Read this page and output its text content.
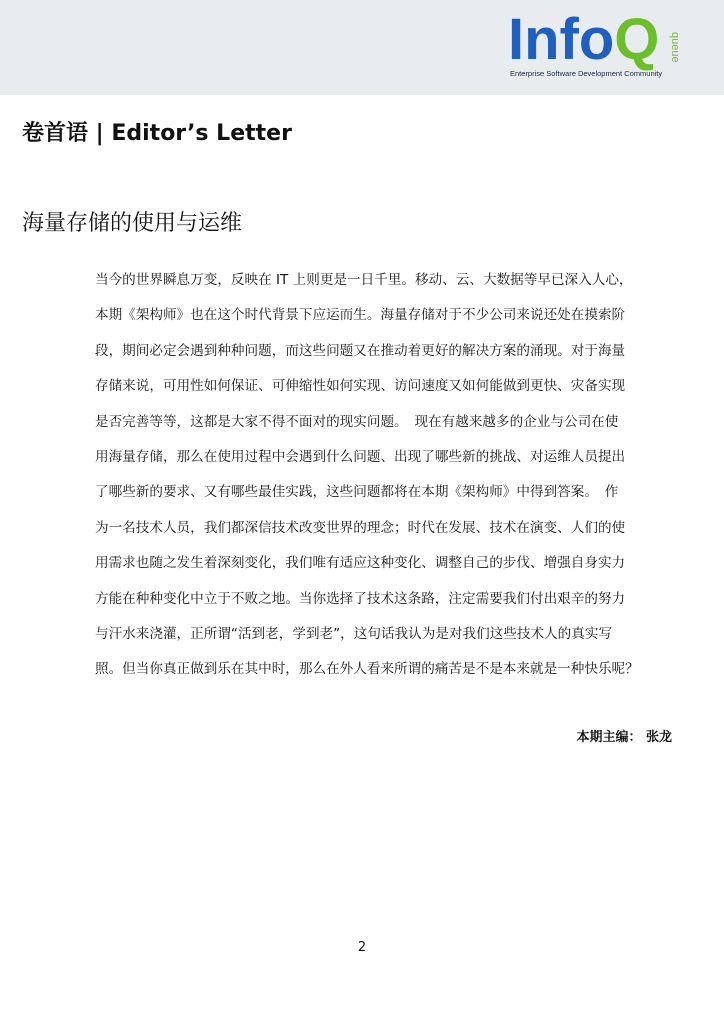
InfoQ queue
Enterprise Software Development Community
卷首语 | Editor’s Letter
海量存储的使用与运维
当今的世界瞬息万变，反映在 IT 上则更是一日千里。移动、云、大数据等早已深入人心，
本期《架构师》也在这个时代背景下应运而生。海量存储对于不少公司来说还处在摸索阶
段，期间必定会遇到种种问题，而这些问题又在推动着更好的解决方案的涌现。对于海量
存储来说，可用性如何保证、可伸缩性如何实现、访问速度又如何能做到更快、灾备实现
是否完善等等，这都是大家不得不面对的现实问题。　现在有越来越多的企业与公司在使
用海量存储，那么在使用过程中会遇到什么问题、出现了哪些新的挑战、对运维人员提出
了哪些新的要求、又有哪些最佳实践，这些问题都将在本期《架构师》中得到答案。　作
为一名技术人员，我们都深信技术改变世界的理念；时代在发展、技术在演变、人们的使
用需求也随之发生着深刻变化，我们唯有适应这种变化、调整自己的步伐、增强自身实力
方能在种种变化中立于不败之地。当你选择了技术这条路，注定需要我们付出艰辛的努力
与汗水来浇灌，正所谓“活到老，学到老”，这句话我认为是对我们这些技术人的真实写
照。但当你真正做到乐在其中时，那么在外人看来所谓的痛苦是不是本来就是一种快乐呢？
本期主编： 张龙
2
